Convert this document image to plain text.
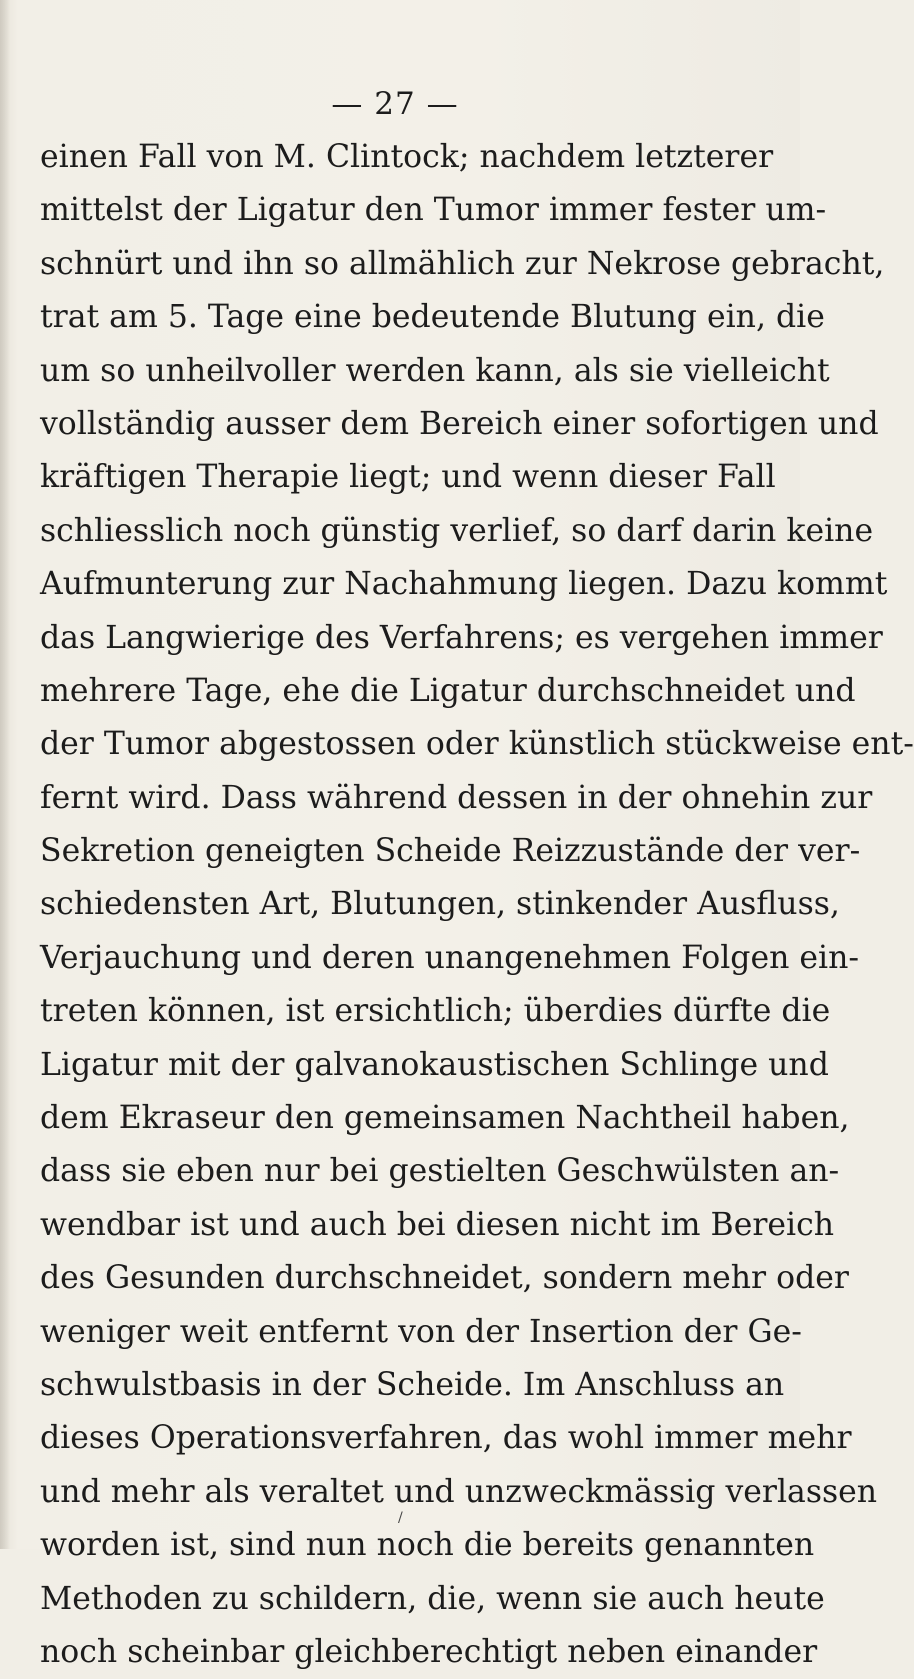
— 27 —
einen Fall von M. Clintock; nachdem letzterer
mittelst der Ligatur den Tumor immer fester um-
schnürt und ihn so allmählich zur Nekrose gebracht,
trat am 5. Tage eine bedeutende Blutung ein, die
um so unheilvoller werden kann, als sie vielleicht
vollständig ausser dem Bereich einer sofortigen und
kräftigen Therapie liegt; und wenn dieser Fall
schliesslich noch günstig verlief, so darf darin keine
Aufmunterung zur Nachahmung liegen. Dazu kommt
das Langwierige des Verfahrens; es vergehen immer
mehrere Tage, ehe die Ligatur durchschneidet und
der Tumor abgestossen oder künstlich stückweise ent-
fernt wird. Dass während dessen in der ohnehin zur
Sekretion geneigten Scheide Reizzustände der ver-
schiedensten Art, Blutungen, stinkender Ausfluss,
Verjauchung und deren unangenehmen Folgen ein-
treten können, ist ersichtlich; überdies dürfte die
Ligatur mit der galvanokaustischen Schlinge und
dem Ekraseur den gemeinsamen Nachtheil haben,
dass sie eben nur bei gestielten Geschwülsten an-
wendbar ist und auch bei diesen nicht im Bereich
des Gesunden durchschneidet, sondern mehr oder
weniger weit entfernt von der Insertion der Ge-
schwulstbasis in der Scheide. Im Anschluss an
dieses Operationsverfahren, das wohl immer mehr
und mehr als veraltet und unzweckmässig verlassen
worden ist, sind nun noch die bereits genannten
Methoden zu schildern, die, wenn sie auch heute
noch scheinbar gleichberechtigt neben einander
/
